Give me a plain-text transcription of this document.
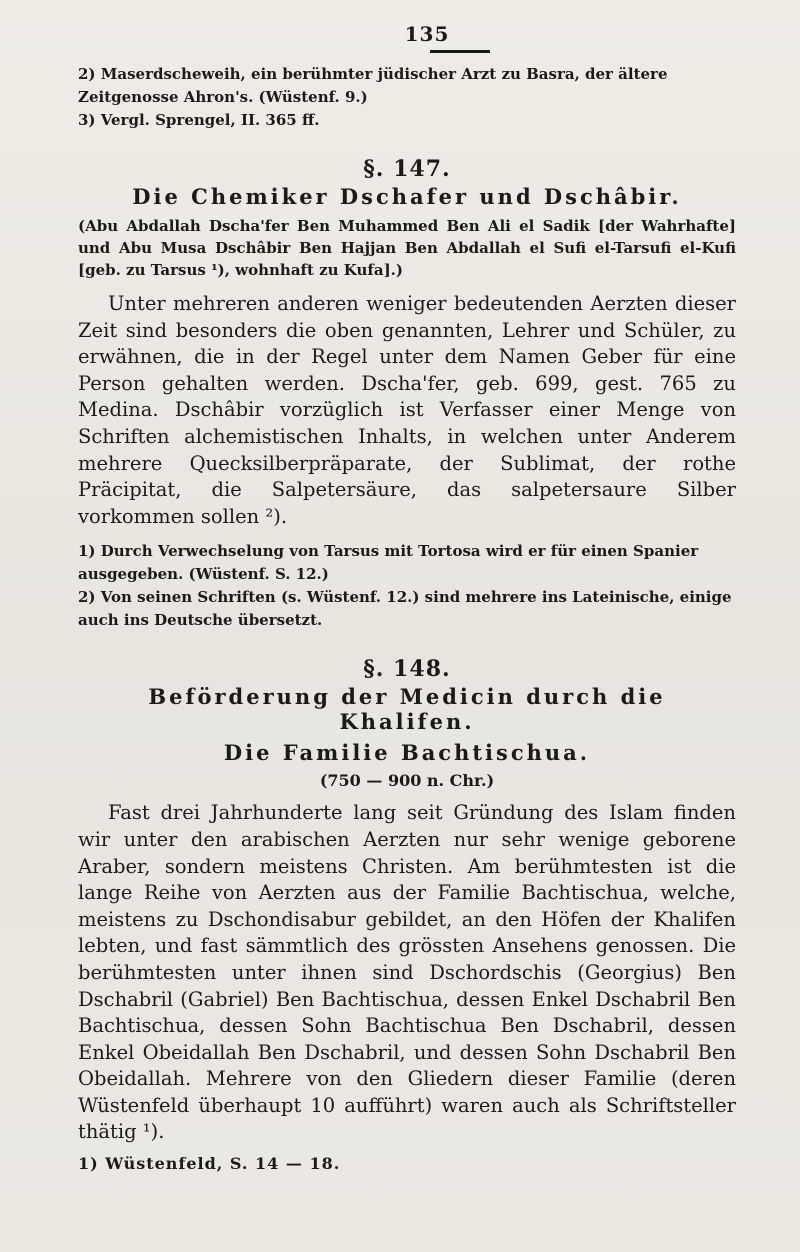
135

2) Maserdscheweih, ein berühmter jüdischer Arzt zu Basra, der ältere Zeitgenosse Ahron's. (Wüstenf. 9.)

3) Vergl. Sprengel, II. 365 ff.

§. 147.
Die Chemiker Dschafer und Dschâbir.

(Abu Abdallah Dscha'fer Ben Muhammed Ben Ali el Sadik [der Wahrhafte] und Abu Musa Dschâbir Ben Hajjan Ben Abdallah el Sufi el-Tarsufi el-Kufi [geb. zu Tarsus ¹), wohnhaft zu Kufa].)

Unter mehreren anderen weniger bedeutenden Aerzten dieser Zeit sind besonders die oben genannten, Lehrer und Schüler, zu erwähnen, die in der Regel unter dem Namen Geber für eine Person gehalten werden. Dscha'fer, geb. 699, gest. 765 zu Medina. Dschâbir vorzüglich ist Verfasser einer Menge von Schriften alchemistischen Inhalts, in welchen unter Anderem mehrere Quecksilberpräparate, der Sublimat, der rothe Präcipitat, die Salpetersäure, das salpetersaure Silber vorkommen sollen ²).

1) Durch Verwechselung von Tarsus mit Tortosa wird er für einen Spanier ausgegeben. (Wüstenf. S. 12.)

2) Von seinen Schriften (s. Wüstenf. 12.) sind mehrere ins Lateinische, einige auch ins Deutsche übersetzt.

§. 148.
Beförderung der Medicin durch die Khalifen.
Die Familie Bachtischua.
(750 — 900 n. Chr.)

Fast drei Jahrhunderte lang seit Gründung des Islam finden wir unter den arabischen Aerzten nur sehr wenige geborene Araber, sondern meistens Christen. Am berühmtesten ist die lange Reihe von Aerzten aus der Familie Bachtischua, welche, meistens zu Dschondisabur gebildet, an den Höfen der Khalifen lebten, und fast sämmtlich des grössten Ansehens genossen. Die berühmtesten unter ihnen sind Dschordschis (Georgius) Ben Dschabril (Gabriel) Ben Bachtischua, dessen Enkel Dschabril Ben Bachtischua, dessen Sohn Bachtischua Ben Dschabril, dessen Enkel Obeidallah Ben Dschabril, und dessen Sohn Dschabril Ben Obeidallah. Mehrere von den Gliedern dieser Familie (deren Wüstenfeld überhaupt 10 aufführt) waren auch als Schriftsteller thätig ¹).

1) Wüstenfeld, S. 14 — 18.
